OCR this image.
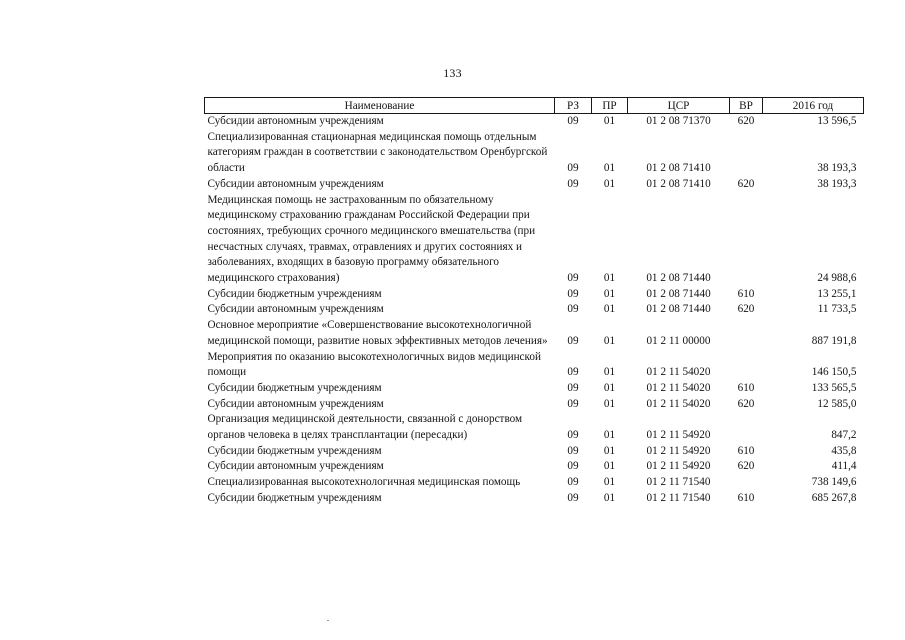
133
Наименование	РЗ	ПР	ЦСР	ВР	2016 год
Субсидии автономным учреждениям	09	01	01 2 08 71370	620	13 596,5
Специализированная стационарная медицинская помощь отдельным категориям граждан в соответствии с законодательством Оренбургской области	09	01	01 2 08 71410		38 193,3
Субсидии автономным учреждениям	09	01	01 2 08 71410	620	38 193,3
Медицинская помощь не застрахованным по обязательному медицинскому страхованию гражданам Российской Федерации при состояниях, требующих срочного медицинского вмешательства (при несчастных случаях, травмах, отравлениях и других состояниях и заболеваниях, входящих в базовую программу обязательного медицинского страхования)	09	01	01 2 08 71440		24 988,6
Субсидии бюджетным учреждениям	09	01	01 2 08 71440	610	13 255,1
Субсидии автономным учреждениям	09	01	01 2 08 71440	620	11 733,5
Основное мероприятие «Совершенствование высокотехнологичной медицинской помощи, развитие новых эффективных методов лечения»	09	01	01 2 11 00000		887 191,8
Мероприятия по оказанию высокотехнологичных видов медицинской помощи	09	01	01 2 11 54020		146 150,5
Субсидии бюджетным учреждениям	09	01	01 2 11 54020	610	133 565,5
Субсидии автономным учреждениям	09	01	01 2 11 54020	620	12 585,0
Организация медицинской деятельности, связанной с донорством органов человека в целях трансплантации (пересадки)	09	01	01 2 11 54920		847,2
Субсидии бюджетным учреждениям	09	01	01 2 11 54920	610	435,8
Субсидии автономным учреждениям	09	01	01 2 11 54920	620	411,4
Специализированная высокотехнологичная медицинская помощь	09	01	01 2 11 71540		738 149,6
Субсидии бюджетным учреждениям	09	01	01 2 11 71540	610	685 267,8
